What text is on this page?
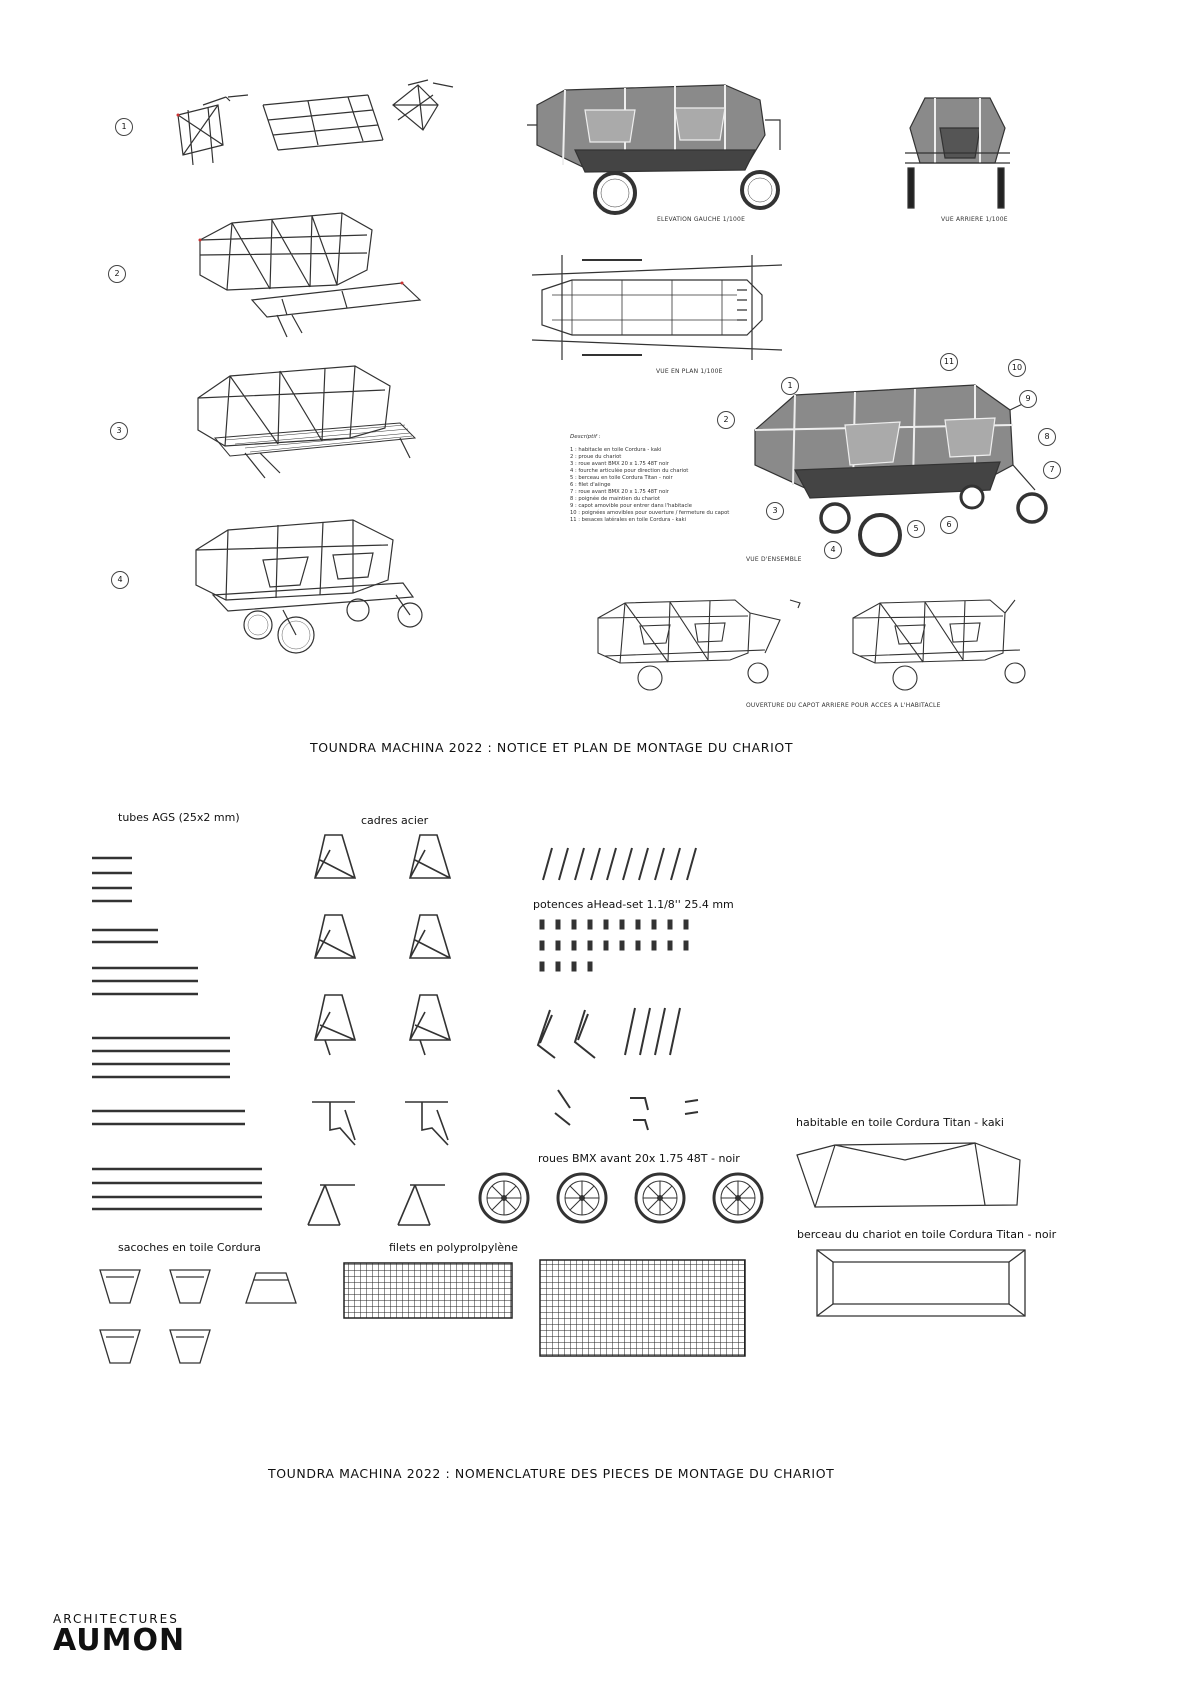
1
2
3
4
ELEVATION GAUCHE 1/100E	VUE ARRIERE 1/100E
VUE EN PLAN 1/100E
Descriptif :
1 : habitacle en toile Cordura - kaki
2 : proue du chariot
3 : roue avant BMX 20 x 1.75 48T noir
4 : fourche articulée pour direction du chariot
5 : berceau en toile Cordura Titan - noir
6 : filet d'aiinge
7 : roue avant BMX 20 x 1.75 48T noir
8 : poignée de maintien du chariot
9 : capot amovible pour entrer dans l'habitacle
10 : poignées amovibles pour ouverture / fermeture du capot
11 : besaces latérales en toile Cordura - kaki
1
2
3
4
5	6
7
8
9
10
11
VUE D'ENSEMBLE
OUVERTURE DU CAPOT ARRIERE POUR ACCES A L'HABITACLE
TOUNDRA MACHINA 2022 : NOTICE ET PLAN DE MONTAGE DU CHARIOT
tubes AGS (25x2 mm)	cadres acier
potences aHead-set 1.1/8'' 25.4 mm
habitable en toile Cordura Titan - kaki
roues BMX avant 20x 1.75 48T - noir
berceau du chariot en toile Cordura Titan - noir
sacoches en toile Cordura	filets en polyprolpylène
TOUNDRA MACHINA 2022 : NOMENCLATURE DES PIECES DE MONTAGE DU CHARIOT
ARCHITECTURES
AUMON
